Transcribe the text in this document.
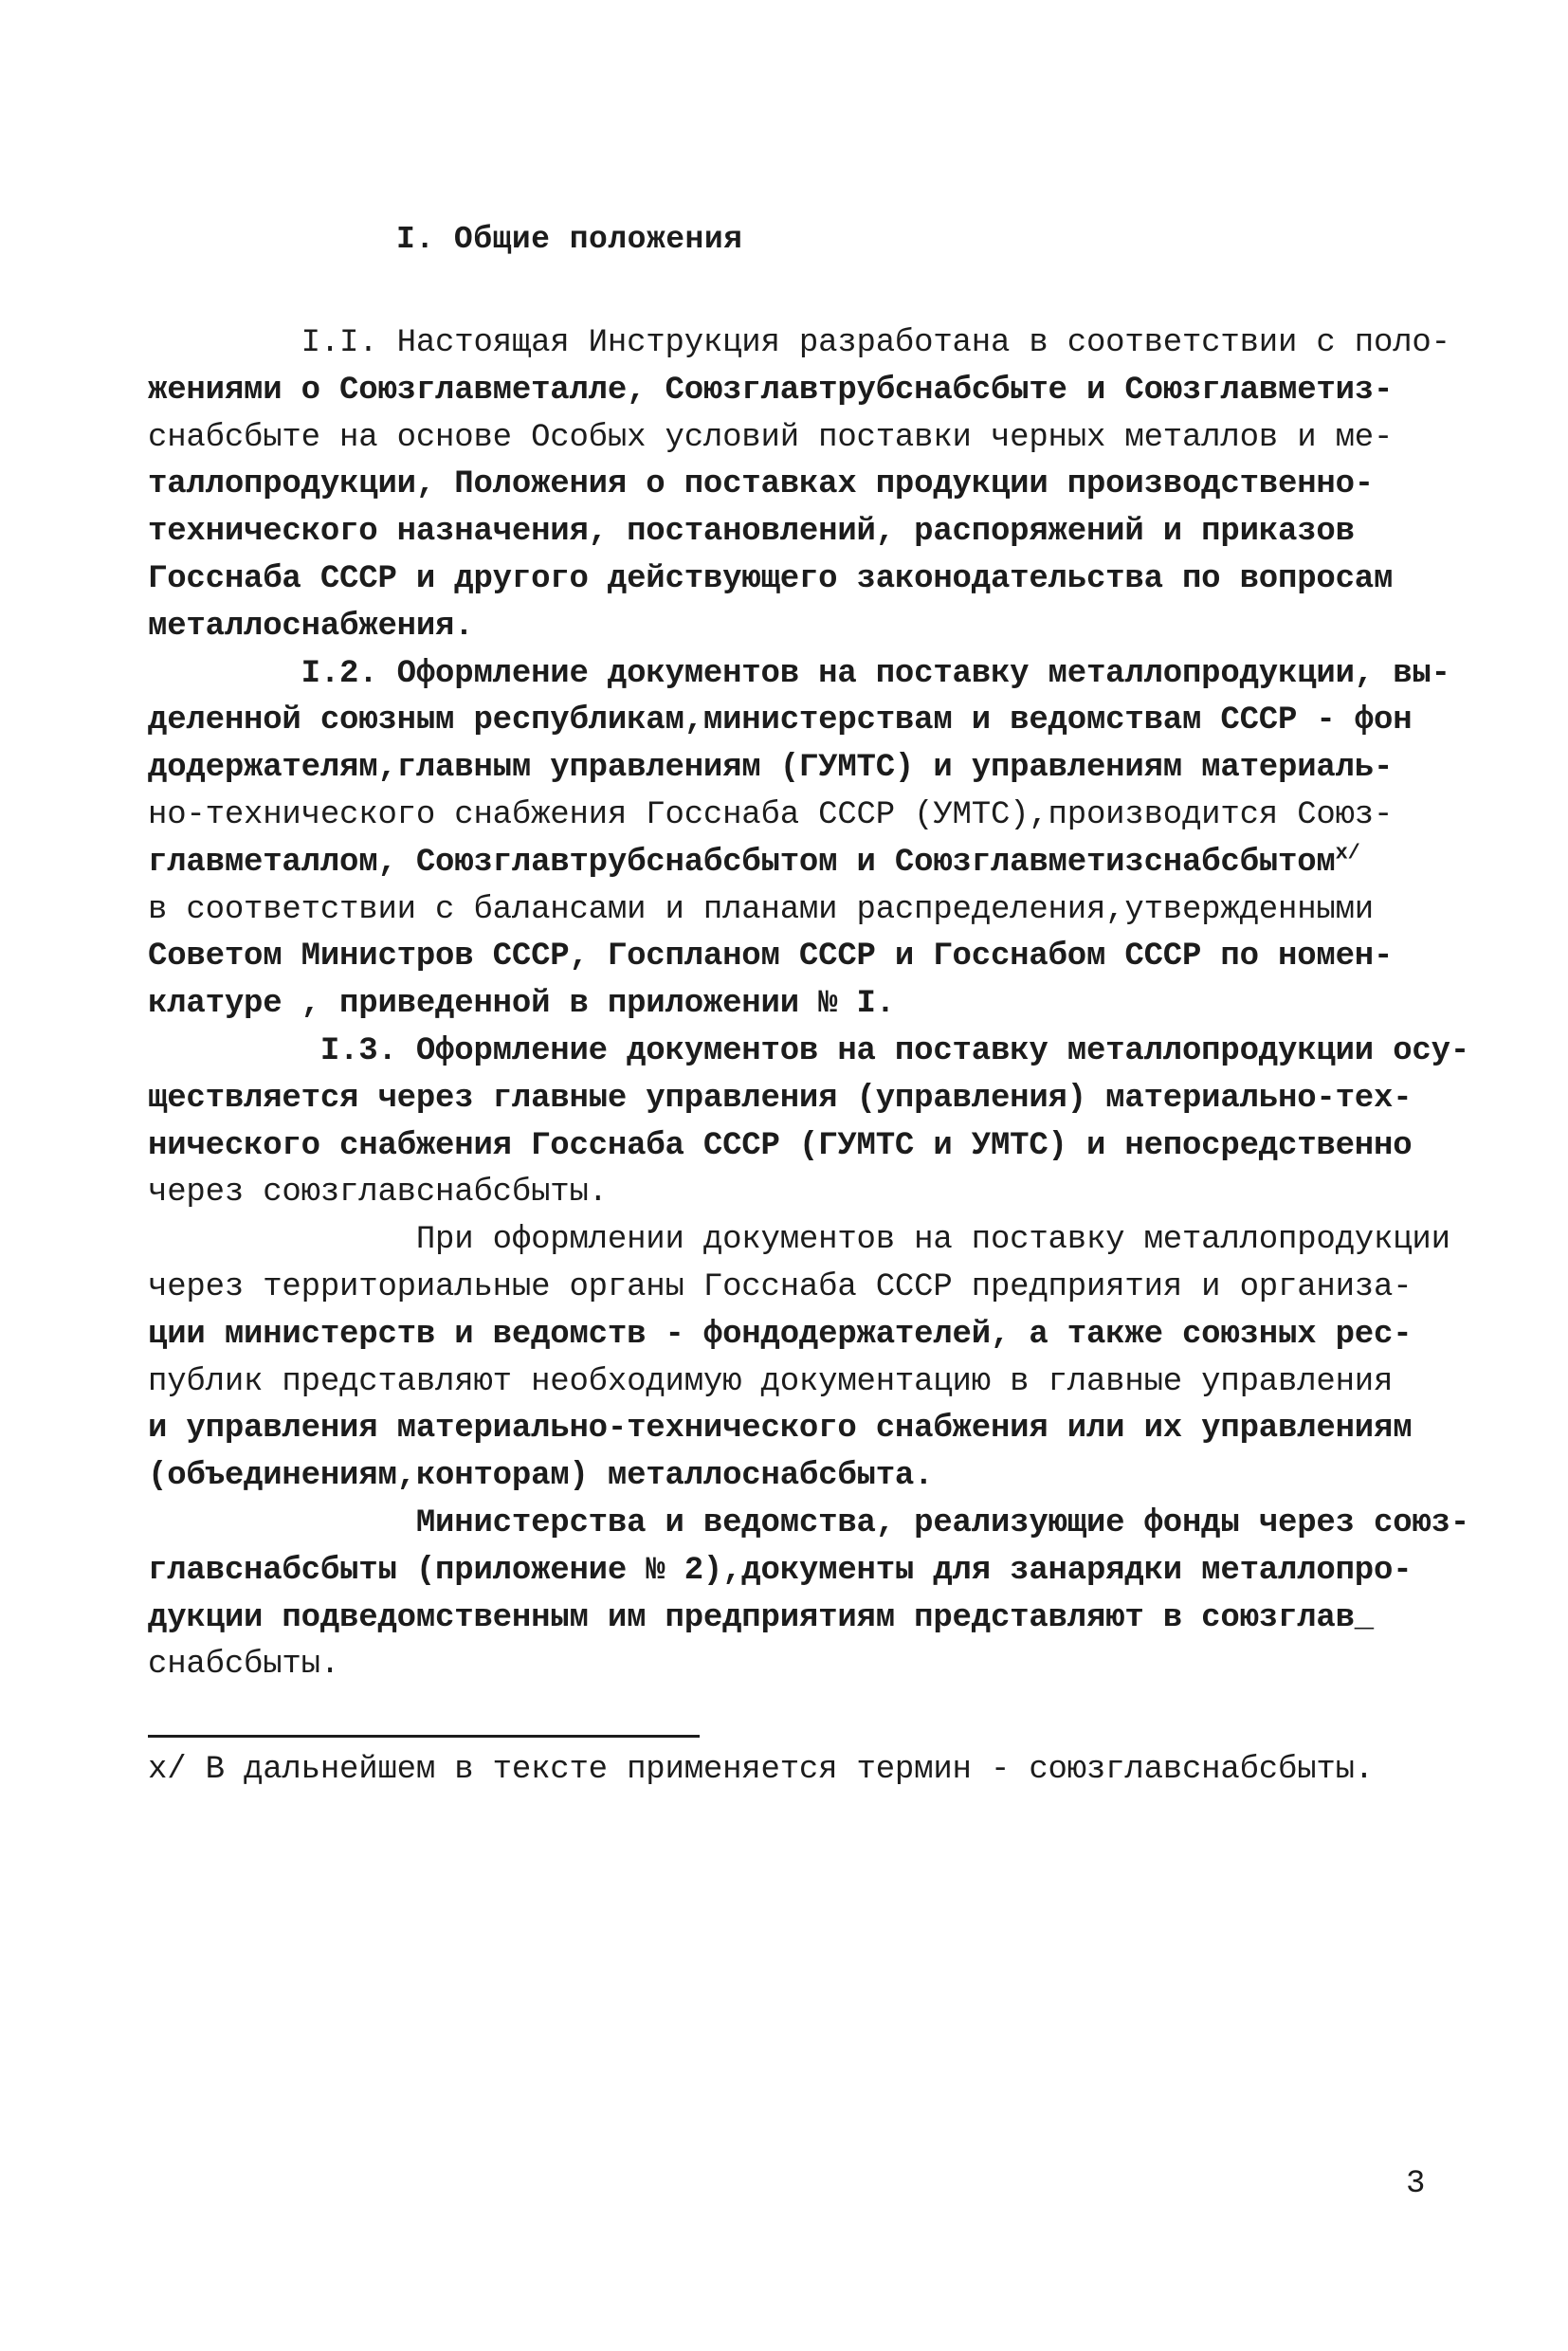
I. Общие положения
I.I. Настоящая Инструкция разработана в соответствии с поло-
жениями о Союзглавметалле, Союзглавтрубснабсбыте и Союзглавметиз-
снабсбыте на основе Особых условий поставки черных металлов и ме-
таллопродукции, Положения о поставках продукции производственно-
технического назначения, постановлений, распоряжений и приказов
Госснаба СССР и другого действующего законодательства по вопросам
металлоснабжения.
I.2. Оформление документов на поставку металлопродукции, вы-
деленной союзным республикам,министерствам и ведомствам СССР - фон
додержателям,главным управлениям (ГУМТС) и управлениям материаль-
но-технического снабжения Госснаба СССР (УМТС),производится Союз-
главметаллом, Союзглавтрубснабсбытом и Союзглавметизснабсбытом$^{x/}$
в соответствии с балансами и планами распределения,утвержденными
Советом Министров СССР, Госпланом СССР и Госснабом СССР по номен-
клатуре , приведенной в приложении № I.
I.3. Оформление документов на поставку металлопродукции осу-
ществляется через главные управления (управления) материально-тех-
нического снабжения Госснаба СССР (ГУМТС и УМТС) и непосредственно
через союзглавснабсбыты.
При оформлении документов на поставку металлопродукции
через территориальные органы Госснаба СССР предприятия и организа-
ции министерств и ведомств - фондодержателей, а также союзных рес-
публик представляют необходимую документацию в главные управления
и управления материально-технического снабжения или их управлениям
(объединениям,конторам) металлоснабсбыта.
Министерства и ведомства, реализующие фонды через союз-
главснабсбыты (приложение № 2),документы для занарядки металлопро-
дукции подведомственным им предприятиям представляют в союзглав_
снабсбыты.
x/ В дальнейшем в тексте применяется термин - союзглавснабсбыты.
3
